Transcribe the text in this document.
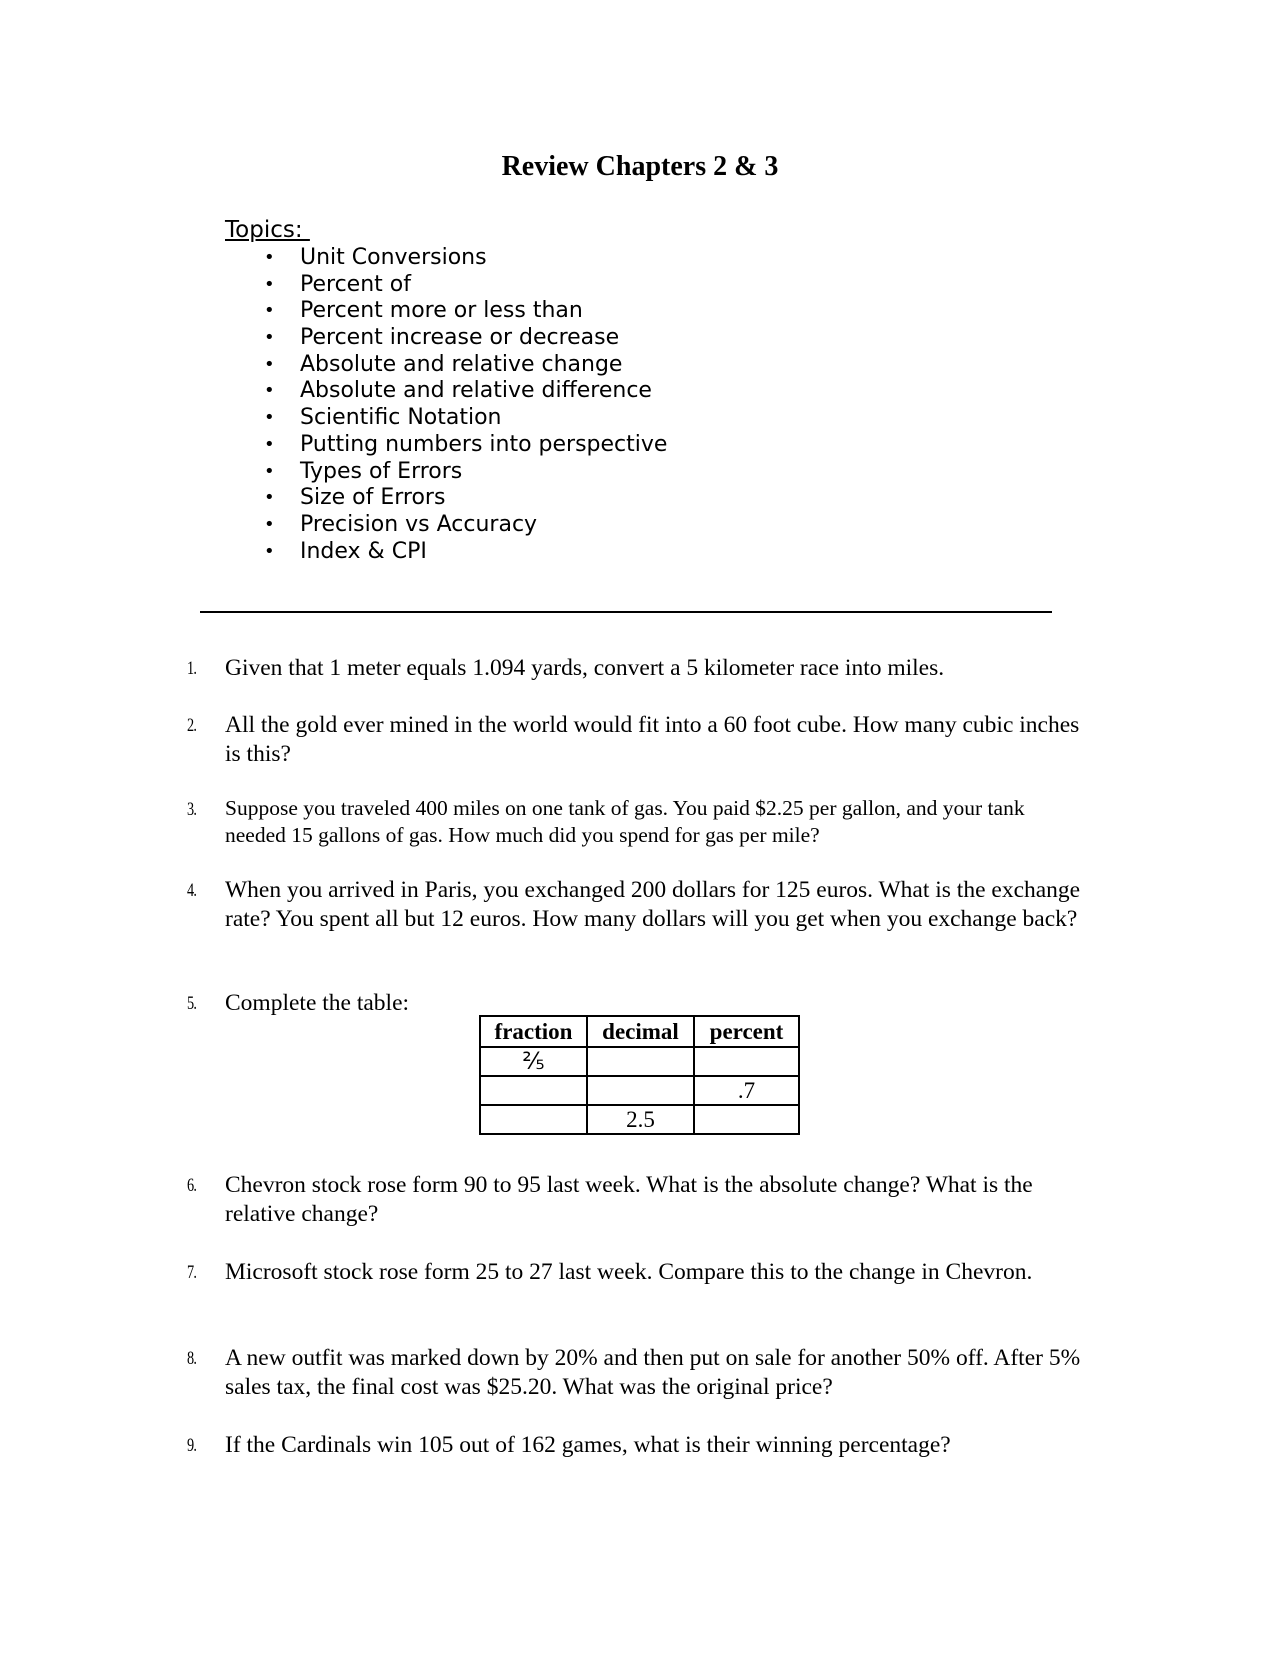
Review Chapters 2 & 3
Topics:
• Unit Conversions
• Percent of
• Percent more or less than
• Percent increase or decrease
• Absolute and relative change
• Absolute and relative difference
• Scientific Notation
• Putting numbers into perspective
• Types of Errors
• Size of Errors
• Precision vs Accuracy
• Index & CPI
1. Given that 1 meter equals 1.094 yards, convert a 5 kilometer race into miles.
2. All the gold ever mined in the world would fit into a 60 foot cube. How many cubic inches is this?
3. Suppose you traveled 400 miles on one tank of gas. You paid $2.25 per gallon, and your tank needed 15 gallons of gas. How much did you spend for gas per mile?
4. When you arrived in Paris, you exchanged 200 dollars for 125 euros. What is the exchange rate? You spent all but 12 euros. How many dollars will you get when you exchange back?
5. Complete the table:
fraction	decimal	percent
⅖		
		.7
	2.5	
6. Chevron stock rose form 90 to 95 last week. What is the absolute change? What is the relative change?
7. Microsoft stock rose form 25 to 27 last week. Compare this to the change in Chevron.
8. A new outfit was marked down by 20% and then put on sale for another 50% off. After 5% sales tax, the final cost was $25.20. What was the original price?
9. If the Cardinals win 105 out of 162 games, what is their winning percentage?
